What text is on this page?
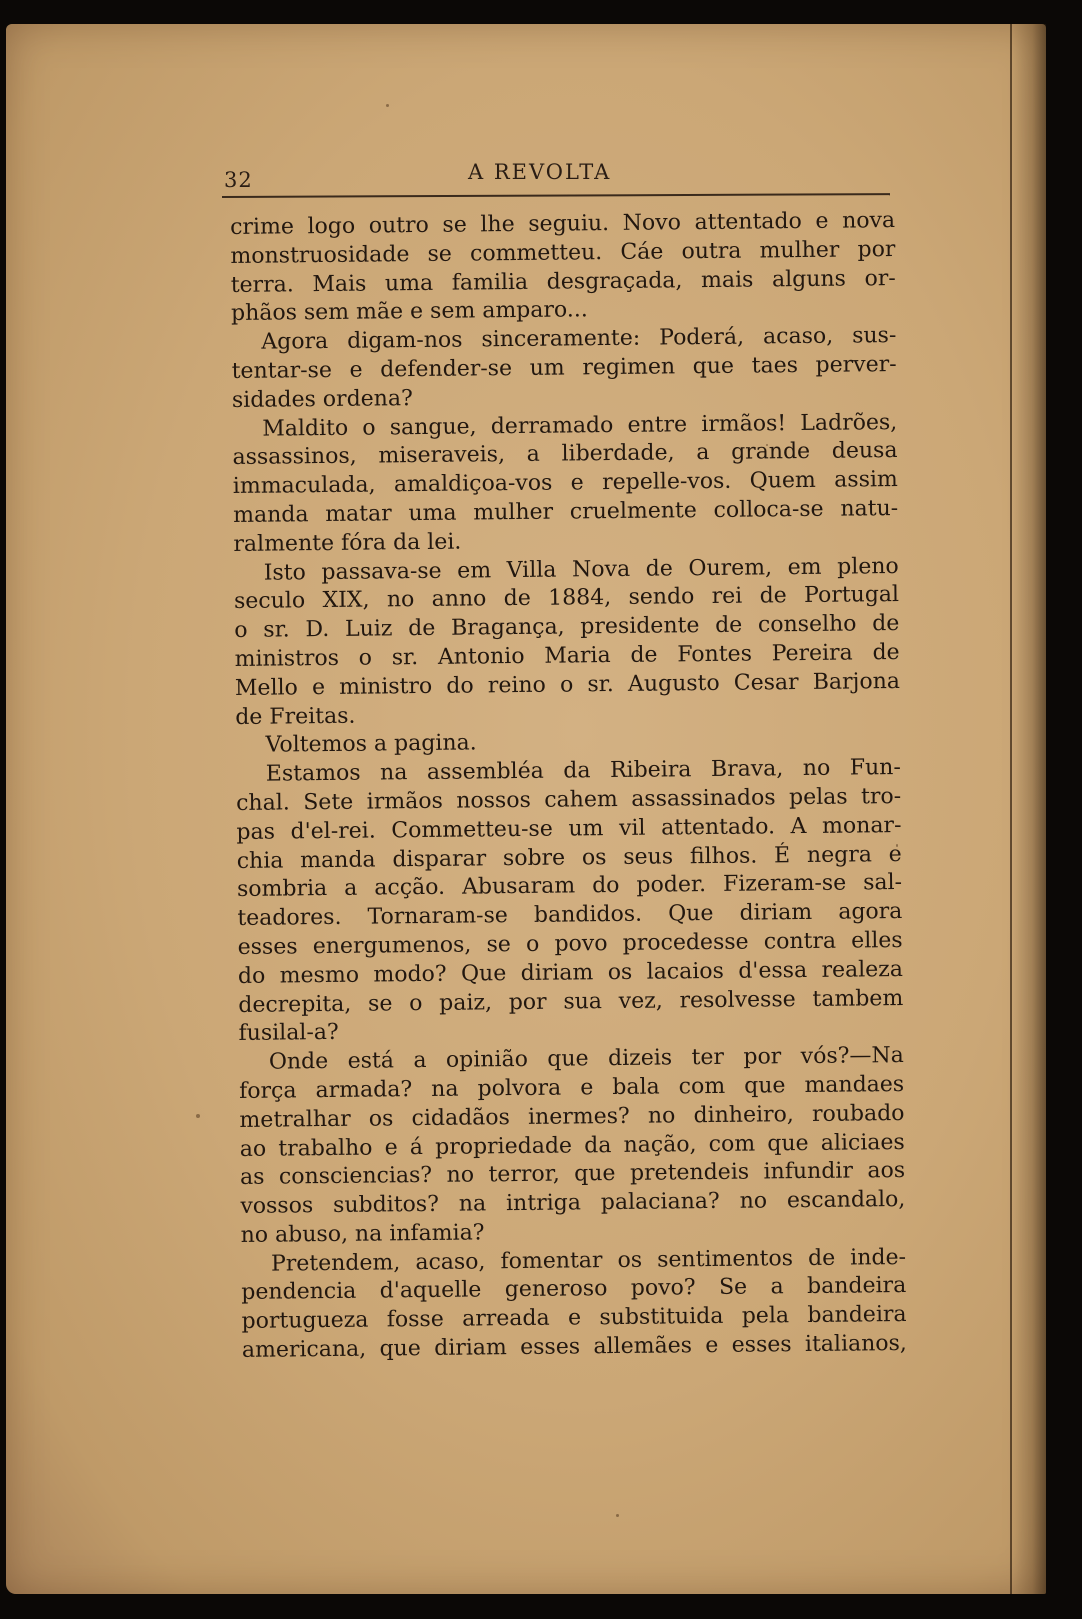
32	A REVOLTA
crime logo outro se lhe seguiu. Novo attentado e nova
monstruosidade se commetteu. Cáe outra mulher por
terra. Mais uma familia desgraçada, mais alguns or-
phãos sem mãe e sem amparo...
Agora digam-nos sinceramente: Poderá, acaso, sus-
tentar-se e defender-se um regimen que taes perver-
sidades ordena?
Maldito o sangue, derramado entre irmãos! Ladrões,
assassinos, miseraveis, a liberdade, a grande deusa
immaculada, amaldiçoa-vos e repelle-vos. Quem assim
manda matar uma mulher cruelmente colloca-se natu-
ralmente fóra da lei.
Isto passava-se em Villa Nova de Ourem, em pleno
seculo XIX, no anno de 1884, sendo rei de Portugal
o sr. D. Luiz de Bragança, presidente de conselho de
ministros o sr. Antonio Maria de Fontes Pereira de
Mello e ministro do reino o sr. Augusto Cesar Barjona
de Freitas.
Voltemos a pagina.
Estamos na assembléa da Ribeira Brava, no Fun-
chal. Sete irmãos nossos cahem assassinados pelas tro-
pas d'el-rei. Commetteu-se um vil attentado. A monar-
chia manda disparar sobre os seus filhos. É negra e
sombria a acção. Abusaram do poder. Fizeram-se sal-
teadores. Tornaram-se bandidos. Que diriam agora
esses energumenos, se o povo procedesse contra elles
do mesmo modo? Que diriam os lacaios d'essa realeza
decrepita, se o paiz, por sua vez, resolvesse tambem
fusilal-a?
Onde está a opinião que dizeis ter por vós?—Na
força armada? na polvora e bala com que mandaes
metralhar os cidadãos inermes? no dinheiro, roubado
ao trabalho e á propriedade da nação, com que aliciaes
as consciencias? no terror, que pretendeis infundir aos
vossos subditos? na intriga palaciana? no escandalo,
no abuso, na infamia?
Pretendem, acaso, fomentar os sentimentos de inde-
pendencia d'aquelle generoso povo? Se a bandeira
portugueza fosse arreada e substituida pela bandeira
americana, que diriam esses allemães e esses italianos,
